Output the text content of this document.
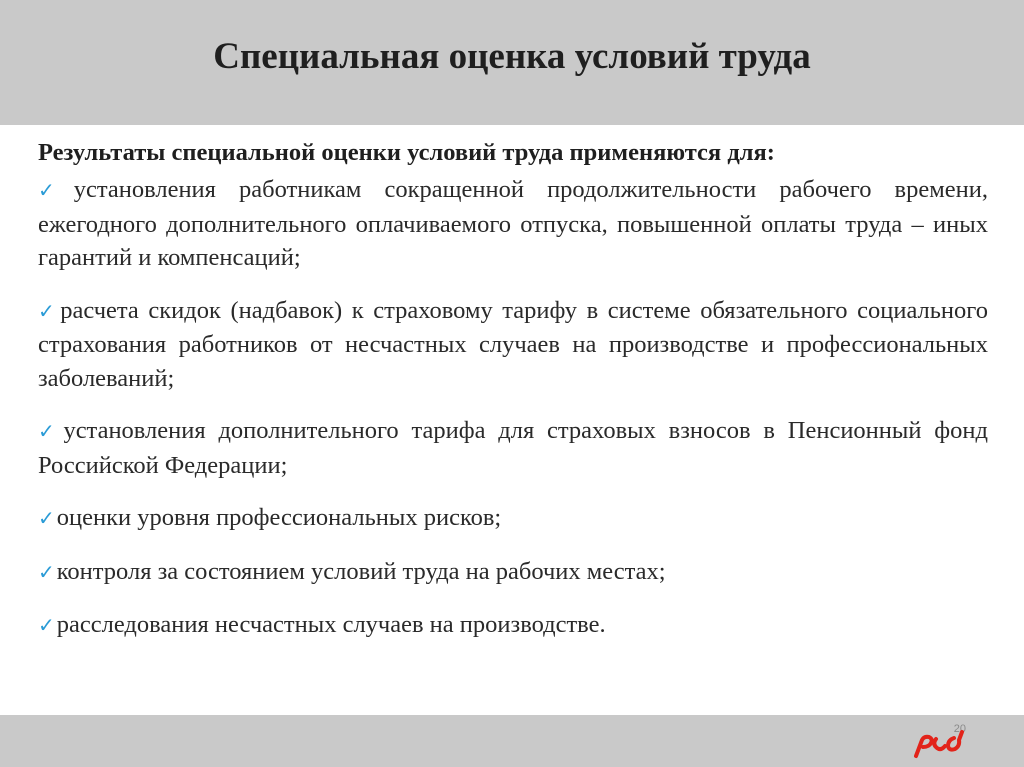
Специальная оценка условий труда

Результаты специальной оценки условий труда применяются для:

✓установления работникам сокращенной продолжительности рабочего времени, ежегодного дополнительного оплачиваемого отпуска, повышенной оплаты труда – иных гарантий и компенсаций;

✓расчета скидок (надбавок) к страховому тарифу в системе обязательного социального страхования работников от несчастных случаев на производстве и профессиональных заболеваний;

✓установления дополнительного тарифа для страховых взносов в Пенсионный фонд Российской Федерации;

✓оценки уровня профессиональных рисков;

✓контроля за состоянием условий труда на рабочих местах;

✓расследования несчастных случаев на производстве.

20
